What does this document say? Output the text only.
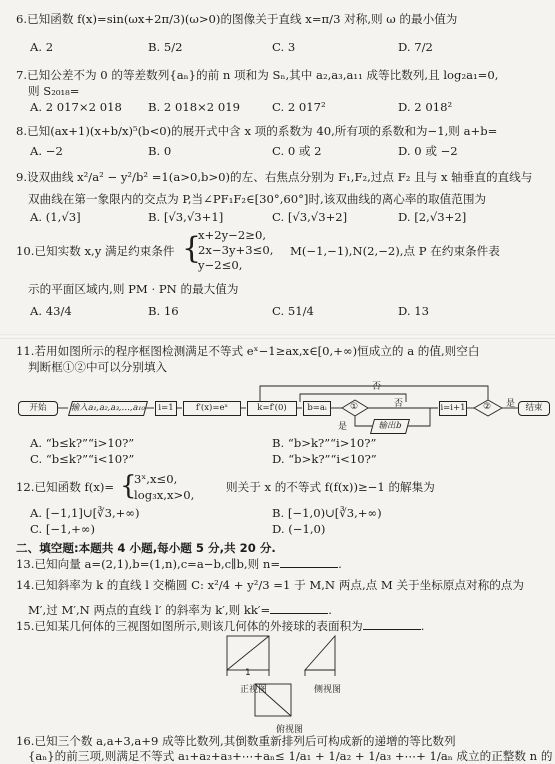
6.已知函数 f(x)=sin(ωx+2π/3)(ω>0)的图像关于直线 x=π/3 对称,则 ω 的最小值为
A. 2	B. 5/2	C. 3	D. 7/2
7.已知公差不为 0 的等差数列{aₙ}的前 n 项和为 Sₙ,其中 a₂,a₃,a₁₁ 成等比数列,且 log₂a₁=0,
则 S₂₀₁₈=
A. 2 017×2 018 B. 2 018×2 019	C. 2 017²	D. 2 018²
8.已知(ax+1)(x+b/x)⁵(b<0)的展开式中含 x 项的系数为 40,所有项的系数和为−1,则 a+b=
A. −2	B. 0	C. 0 或 2	D. 0 或 −2
9.设双曲线 x²/a² − y²/b² =1(a>0,b>0)的左、右焦点分别为 F₁,F₂,过点 F₂ 且与 x 轴垂直的直线与
双曲线在第一象限内的交点为 P,当∠PF₁F₂∈[30°,60°]时,该双曲线的离心率的取值范围为
A. (1,√3]	B. [√3,√3+1]	C. [√3,√3+2]	D. [2,√3+2]
10.已知实数 x,y 满足约束条件 {
x+2y−2≥0,
2x−3y+3≤0,
y−2≤0,
M(−1,−1),N(2,−2),点 P 在约束条件表
示的平面区域内,则 PM · PN 的最大值为
A. 43/4	B. 16	C. 51/4	D. 13
11.若用如图所示的程序框图检测满足不等式 eˣ−1≥ax,x∈[0,+∞)恒成立的 a 的值,则空白
判断框①②中可以分别填入
开始	输入a₁,a₂,a₃,…,a₁₀	i=1	f′(x)=eˣ	k=f′(0)	b=aᵢ	①
是	输出b
否	i=i+1 ②
否
是	结束
A. “b≤k?”“i>10?”	B. “b>k?”“i>10?”
C. “b≤k?”“i<10?”	D. “b>k?”“i<10?”
12.已知函数 f(x)= {
3ˣ,x≤0,
log₃x,x>0,
则关于 x 的不等式 f(f(x))≥−1 的解集为
A. [−1,1]∪[∛3,+∞)	B. [−1,0)∪[∛3,+∞)
C. [−1,+∞)	D. (−1,0)
二、填空题:本题共 4 小题,每小题 5 分,共 20 分.
13.已知向量 a=(2,1),b=(1,n),c=a−b,c∥b,则 n=	.
14.已知斜率为 k 的直线 l 交椭圆 C: x²/4 + y²/3 =1 于 M,N 两点,点 M 关于坐标原点对称的点为
M′,过 M′,N 两点的直线 l′ 的斜率为 k′,则 kk′=	.
15.已知某几何体的三视图如图所示,则该几何体的外接球的表面积为	.
1
正视图	侧视图
俯视图
16.已知三个数 a,a+3,a+9 成等比数列,其倒数重新排列后可构成新的递增的等比数列
{aₙ}的前三项,则满足不等式 a₁+a₂+a₃+⋯+aₙ≤ 1/a₁ + 1/a₂ + 1/a₃ +⋯+ 1/aₙ 成立的正整数 n 的
